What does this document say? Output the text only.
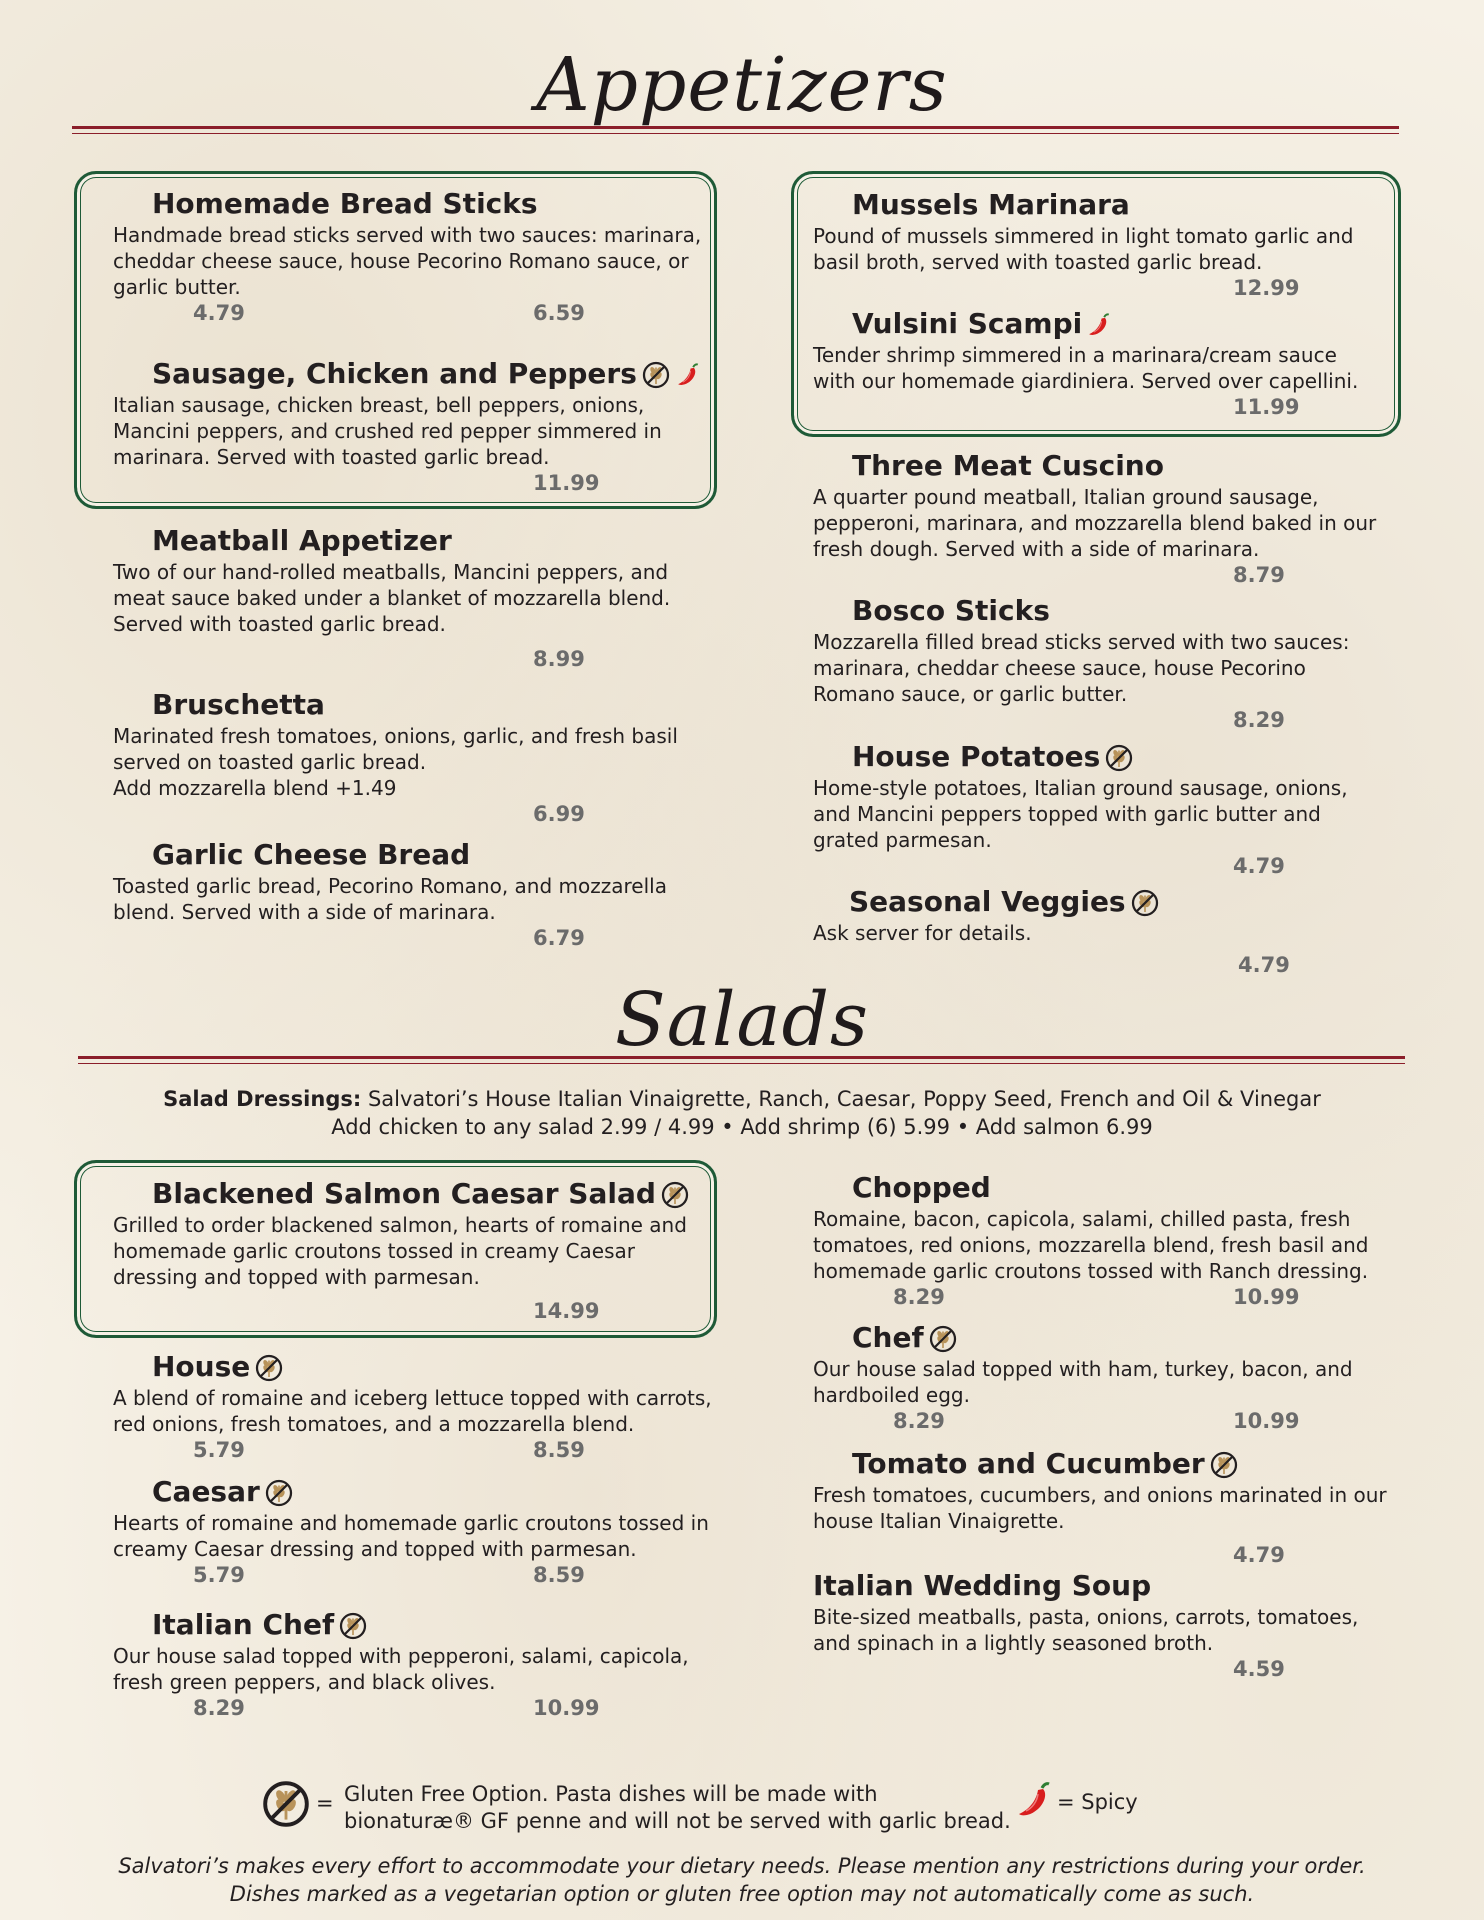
Appetizers
Salads
Homemade Bread Sticks

Handmade bread sticks served with two sauces: marinara, cheddar cheese sauce, house Pecorino Romano sauce, or garlic butter.

4.79	6.59
Sausage, Chicken and Peppers

Italian sausage, chicken breast, bell peppers, onions, Mancini peppers, and crushed red pepper simmered in marinara. Served with toasted garlic bread.

11.99
Meatball Appetizer

Two of our hand-rolled meatballs, Mancini peppers, and meat sauce baked under a blanket of mozzarella blend. Served with toasted garlic bread.

8.99
Bruschetta

Marinated fresh tomatoes, onions, garlic, and fresh basil served on toasted garlic bread.

Add mozzarella blend +1.49

6.99
Garlic Cheese Bread

Toasted garlic bread, Pecorino Romano, and mozzarella blend. Served with a side of marinara.

6.79
Mussels Marinara

Pound of mussels simmered in light tomato garlic and basil broth, served with toasted garlic bread.

12.99
Vulsini Scampi

Tender shrimp simmered in a marinara/cream sauce with our homemade giardiniera. Served over capellini.

11.99
Three Meat Cuscino

A quarter pound meatball, Italian ground sausage, pepperoni, marinara, and mozzarella blend baked in our fresh dough. Served with a side of marinara.

8.79
Bosco Sticks

Mozzarella filled bread sticks served with two sauces: marinara, cheddar cheese sauce, house Pecorino Romano sauce, or garlic butter.

8.29
House Potatoes

Home-style potatoes, Italian ground sausage, onions, and Mancini peppers topped with garlic butter and grated parmesan.

4.79
Seasonal Veggies

Ask server for details.

4.79
Salad Dressings: Salvatori’s House Italian Vinaigrette, Ranch, Caesar, Poppy Seed, French and Oil & Vinegar
Add chicken to any salad 2.99 / 4.99 • Add shrimp (6) 5.99 • Add salmon 6.99
Blackened Salmon Caesar Salad

Grilled to order blackened salmon, hearts of romaine and homemade garlic croutons tossed in creamy Caesar dressing and topped with parmesan.

14.99
House

A blend of romaine and iceberg lettuce topped with carrots, red onions, fresh tomatoes, and a mozzarella blend.

5.79	8.59
Caesar

Hearts of romaine and homemade garlic croutons tossed in creamy Caesar dressing and topped with parmesan.

5.79	8.59
Italian Chef

Our house salad topped with pepperoni, salami, capicola, fresh green peppers, and black olives.

8.29	10.99
Chopped

Romaine, bacon, capicola, salami, chilled pasta, fresh tomatoes, red onions, mozzarella blend, fresh basil and homemade garlic croutons tossed with Ranch dressing.

8.29	10.99
Chef

Our house salad topped with ham, turkey, bacon, and hardboiled egg.

8.29	10.99
Tomato and Cucumber

Fresh tomatoes, cucumbers, and onions marinated in our house Italian Vinaigrette.

4.79
Italian Wedding Soup

Bite-sized meatballs, pasta, onions, carrots, tomatoes, and spinach in a lightly seasoned broth.

4.59
= Gluten Free Option. Pasta dishes will be made with
bionaturæ® GF penne and will not be served with garlic bread.
= Spicy
Salvatori’s makes every effort to accommodate your dietary needs. Please mention any restrictions during your order.
Dishes marked as a vegetarian option or gluten free option may not automatically come as such.
